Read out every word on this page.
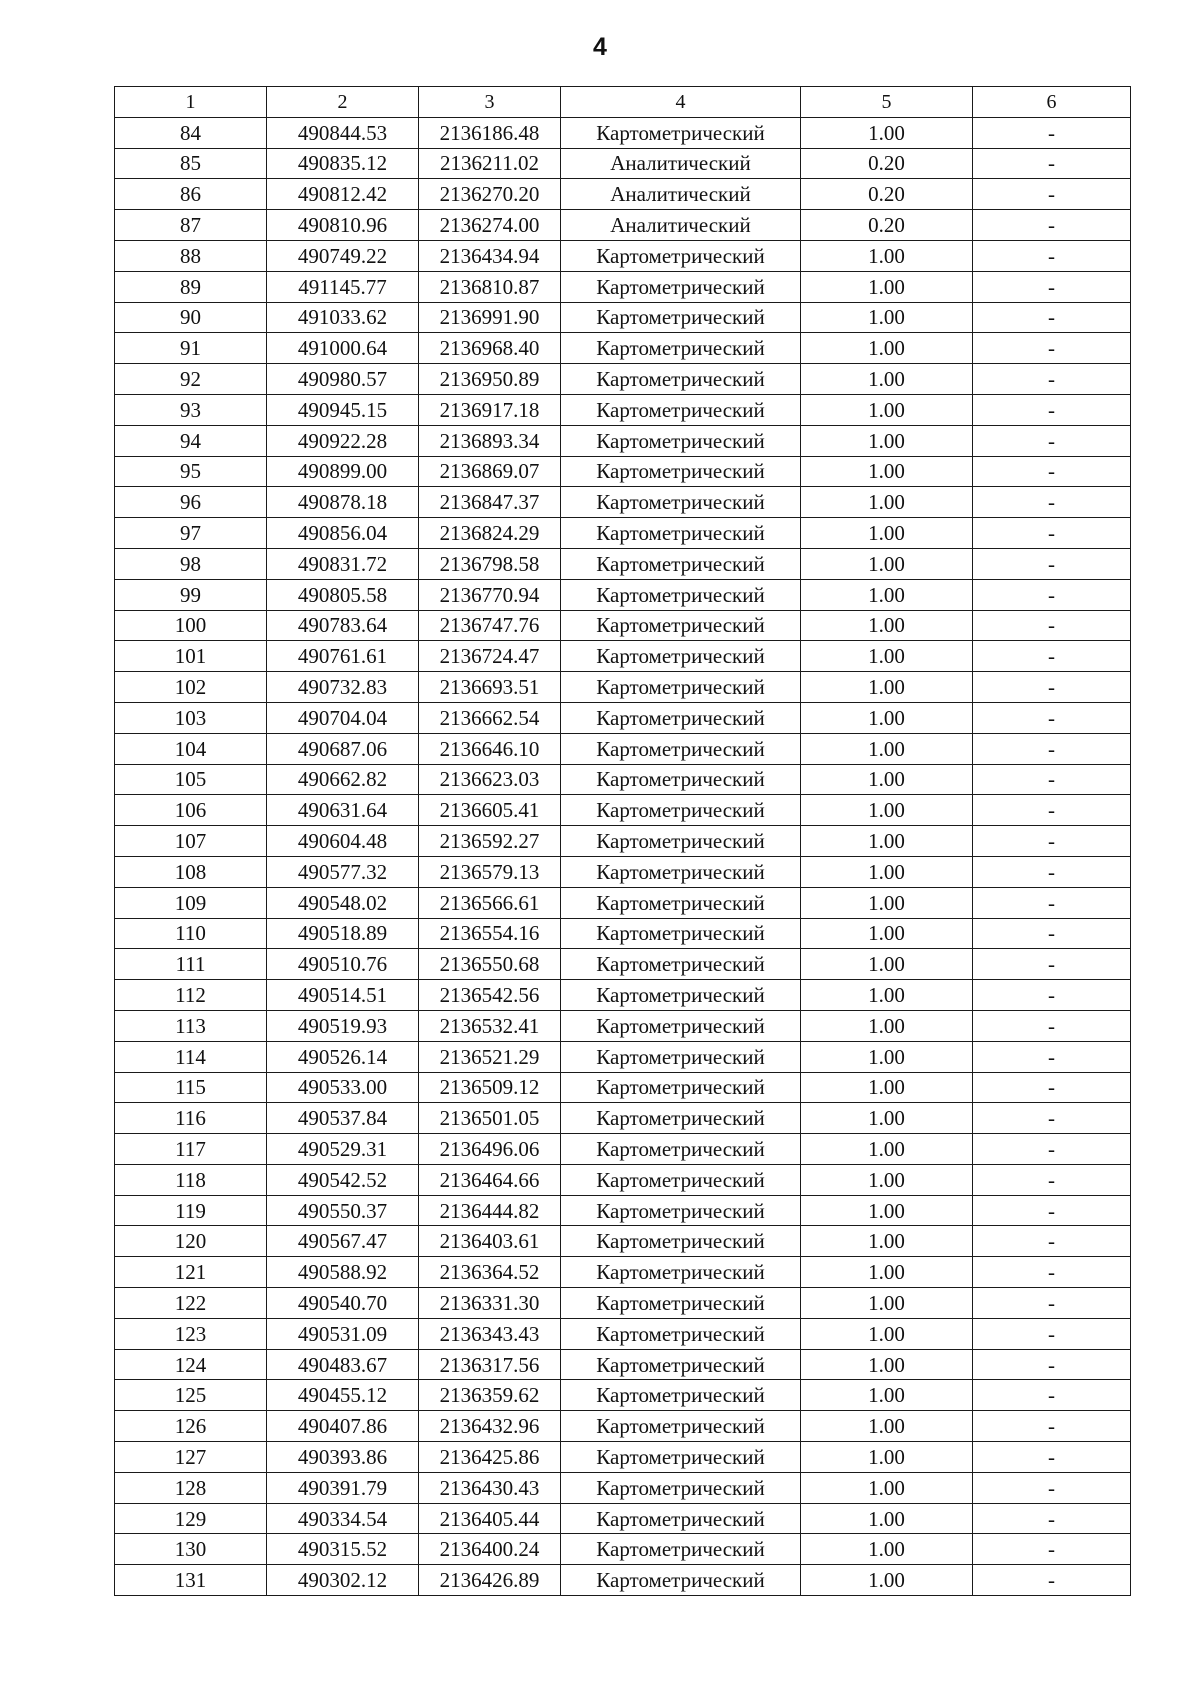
4
1	2	3	4	5	6
84	490844.53	2136186.48	Картометрический	1.00	-
85	490835.12	2136211.02	Аналитический	0.20	-
86	490812.42	2136270.20	Аналитический	0.20	-
87	490810.96	2136274.00	Аналитический	0.20	-
88	490749.22	2136434.94	Картометрический	1.00	-
89	491145.77	2136810.87	Картометрический	1.00	-
90	491033.62	2136991.90	Картометрический	1.00	-
91	491000.64	2136968.40	Картометрический	1.00	-
92	490980.57	2136950.89	Картометрический	1.00	-
93	490945.15	2136917.18	Картометрический	1.00	-
94	490922.28	2136893.34	Картометрический	1.00	-
95	490899.00	2136869.07	Картометрический	1.00	-
96	490878.18	2136847.37	Картометрический	1.00	-
97	490856.04	2136824.29	Картометрический	1.00	-
98	490831.72	2136798.58	Картометрический	1.00	-
99	490805.58	2136770.94	Картометрический	1.00	-
100	490783.64	2136747.76	Картометрический	1.00	-
101	490761.61	2136724.47	Картометрический	1.00	-
102	490732.83	2136693.51	Картометрический	1.00	-
103	490704.04	2136662.54	Картометрический	1.00	-
104	490687.06	2136646.10	Картометрический	1.00	-
105	490662.82	2136623.03	Картометрический	1.00	-
106	490631.64	2136605.41	Картометрический	1.00	-
107	490604.48	2136592.27	Картометрический	1.00	-
108	490577.32	2136579.13	Картометрический	1.00	-
109	490548.02	2136566.61	Картометрический	1.00	-
110	490518.89	2136554.16	Картометрический	1.00	-
111	490510.76	2136550.68	Картометрический	1.00	-
112	490514.51	2136542.56	Картометрический	1.00	-
113	490519.93	2136532.41	Картометрический	1.00	-
114	490526.14	2136521.29	Картометрический	1.00	-
115	490533.00	2136509.12	Картометрический	1.00	-
116	490537.84	2136501.05	Картометрический	1.00	-
117	490529.31	2136496.06	Картометрический	1.00	-
118	490542.52	2136464.66	Картометрический	1.00	-
119	490550.37	2136444.82	Картометрический	1.00	-
120	490567.47	2136403.61	Картометрический	1.00	-
121	490588.92	2136364.52	Картометрический	1.00	-
122	490540.70	2136331.30	Картометрический	1.00	-
123	490531.09	2136343.43	Картометрический	1.00	-
124	490483.67	2136317.56	Картометрический	1.00	-
125	490455.12	2136359.62	Картометрический	1.00	-
126	490407.86	2136432.96	Картометрический	1.00	-
127	490393.86	2136425.86	Картометрический	1.00	-
128	490391.79	2136430.43	Картометрический	1.00	-
129	490334.54	2136405.44	Картометрический	1.00	-
130	490315.52	2136400.24	Картометрический	1.00	-
131	490302.12	2136426.89	Картометрический	1.00	-
